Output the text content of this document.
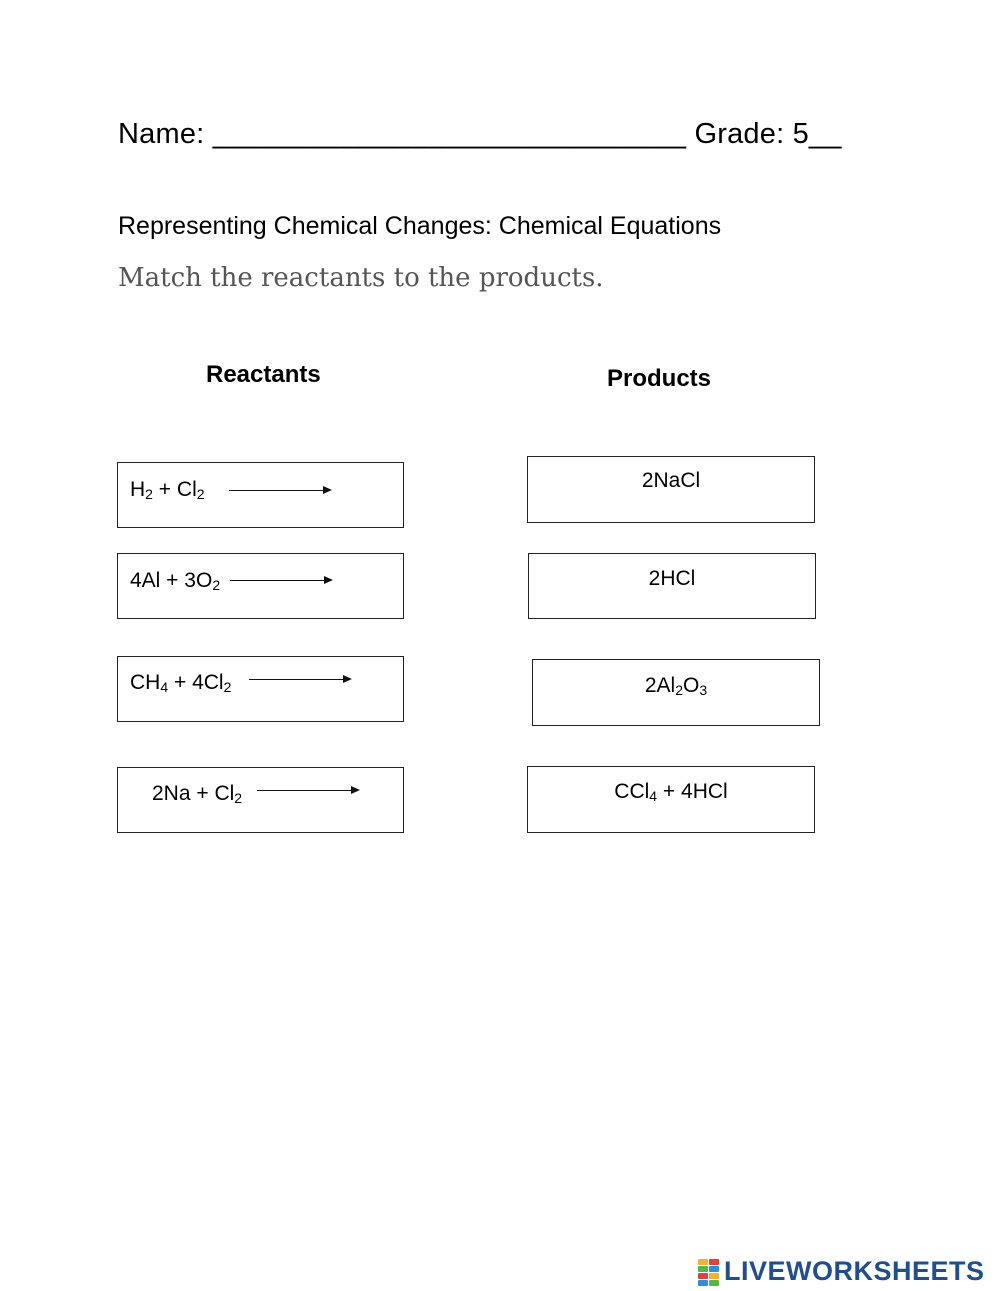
Name: _____________________________ Grade: 5__
Representing Chemical Changes: Chemical Equations
Match the reactants to the products.
Reactants	Products
$H_2 + Cl_2$
$4Al + 3O_2$
$CH_4 + 4Cl_2$
$2Na + Cl_2$
2NaCl
2HCl
$2Al_2O_3$
CCl$_4$ + 4HCl
LIVEWORKSHEETS
